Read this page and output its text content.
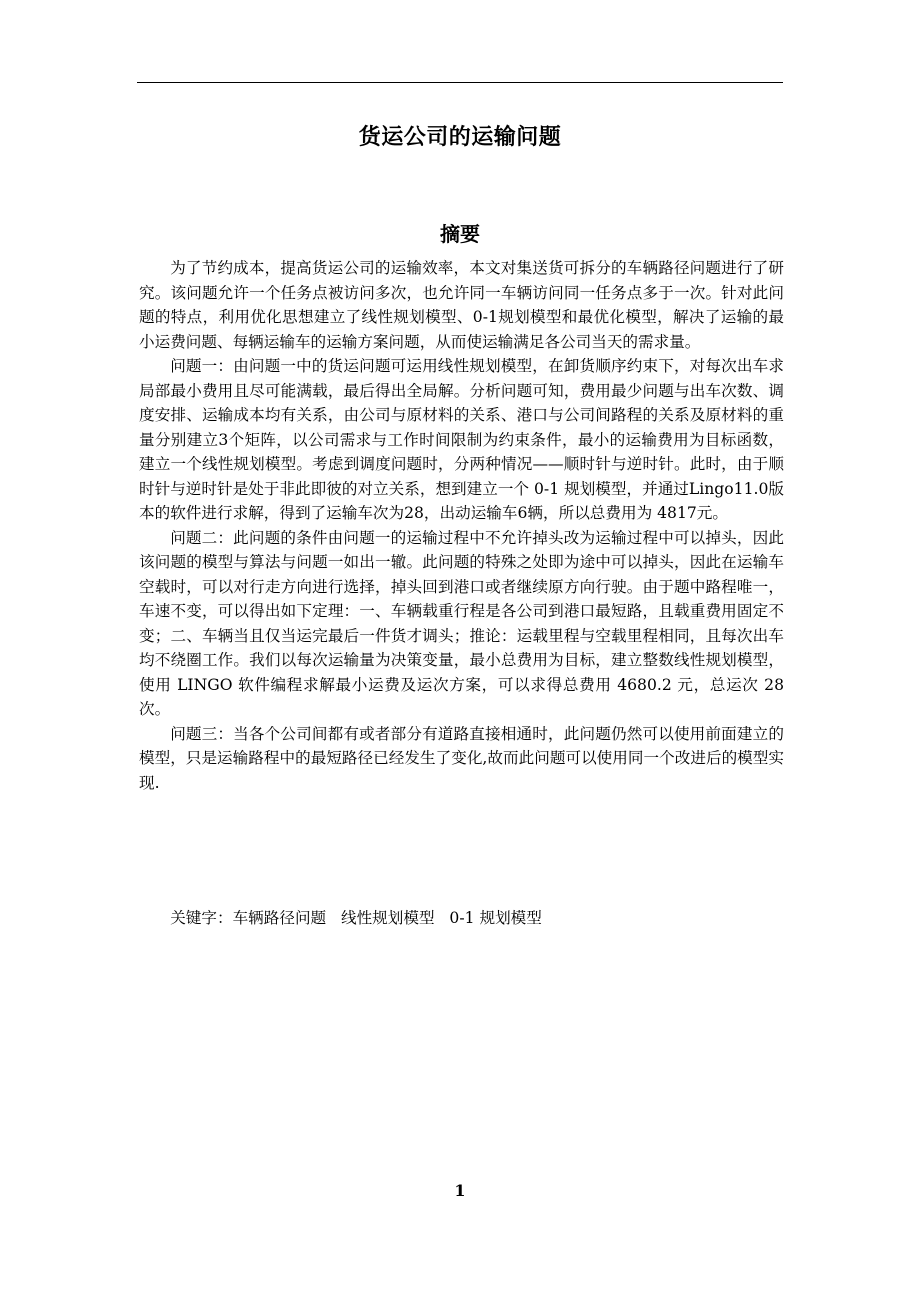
货运公司的运输问题
摘要

为了节约成本，提高货运公司的运输效率，本文对集送货可拆分的车辆路径问题进行了研究。该问题允许一个任务点被访问多次，也允许同一车辆访问同一任务点多于一次。针对此问题的特点，利用优化思想建立了线性规划模型、0-1规划模型和最优化模型，解决了运输的最小运费问题、每辆运输车的运输方案问题，从而使运输满足各公司当天的需求量。

问题一：由问题一中的货运问题可运用线性规划模型，在卸货顺序约束下，对每次出车求局部最小费用且尽可能满载，最后得出全局解。分析问题可知，费用最少问题与出车次数、调度安排、运输成本均有关系，由公司与原材料的关系、港口与公司间路程的关系及原材料的重量分别建立3个矩阵，以公司需求与工作时间限制为约束条件，最小的运输费用为目标函数，建立一个线性规划模型。考虑到调度问题时，分两种情况——顺时针与逆时针。此时，由于顺时针与逆时针是处于非此即彼的对立关系，想到建立一个 0-1 规划模型，并通过Lingo11.0版本的软件进行求解，得到了运输车次为28，出动运输车6辆，所以总费用为 4817元。

问题二：此问题的条件由问题一的运输过程中不允许掉头改为运输过程中可以掉头，因此该问题的模型与算法与问题一如出一辙。此问题的特殊之处即为途中可以掉头，因此在运输车空载时，可以对行走方向进行选择，掉头回到港口或者继续原方向行驶。由于题中路程唯一，车速不变，可以得出如下定理：一、车辆载重行程是各公司到港口最短路，且载重费用固定不变；二、车辆当且仅当运完最后一件货才调头；推论：运载里程与空载里程相同，且每次出车均不绕圈工作。我们以每次运输量为决策变量，最小总费用为目标，建立整数线性规划模型，使用 LINGO 软件编程求解最小运费及运次方案，可以求得总费用 4680.2 元，总运次 28 次。

问题三：当各个公司间都有或者部分有道路直接相通时，此问题仍然可以使用前面建立的模型，只是运输路程中的最短路径已经发生了变化,故而此问题可以使用同一个改进后的模型实现.

关键字：车辆路径问题   线性规划模型   0-1 规划模型
1
